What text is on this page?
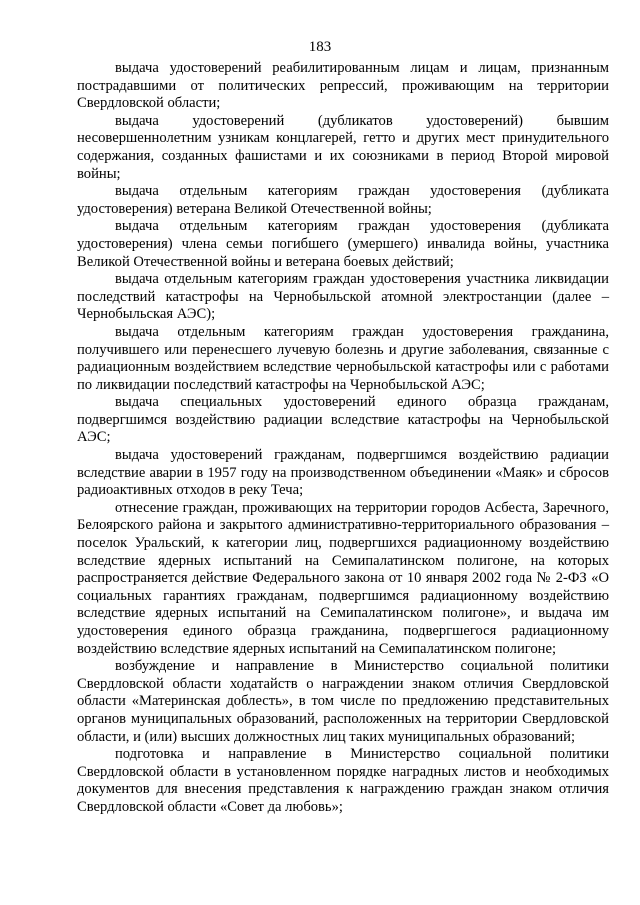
183

выдача удостоверений реабилитированным лицам и лицам, признанным пострадавшими от политических репрессий, проживающим на территории Свердловской области;

выдача удостоверений (дубликатов удостоверений) бывшим несовершеннолетним узникам концлагерей, гетто и других мест принудительного содержания, созданных фашистами и их союзниками в период Второй мировой войны;

выдача отдельным категориям граждан удостоверения (дубликата удостоверения) ветерана Великой Отечественной войны;

выдача отдельным категориям граждан удостоверения (дубликата удостоверения) члена семьи погибшего (умершего) инвалида войны, участника Великой Отечественной войны и ветерана боевых действий;

выдача отдельным категориям граждан удостоверения участника ликвидации последствий катастрофы на Чернобыльской атомной электростанции (далее – Чернобыльская АЭС);

выдача отдельным категориям граждан удостоверения гражданина, получившего или перенесшего лучевую болезнь и другие заболевания, связанные с радиационным воздействием вследствие чернобыльской катастрофы или с работами по ликвидации последствий катастрофы на Чернобыльской АЭС;

выдача специальных удостоверений единого образца гражданам, подвергшимся воздействию радиации вследствие катастрофы на Чернобыльской АЭС;

выдача удостоверений гражданам, подвергшимся воздействию радиации вследствие аварии в 1957 году на производственном объединении «Маяк» и сбросов радиоактивных отходов в реку Теча;

отнесение граждан, проживающих на территории городов Асбеста, Заречного, Белоярского района и закрытого административно-территориального образования – поселок Уральский, к категории лиц, подвергшихся радиационному воздействию вследствие ядерных испытаний на Семипалатинском полигоне, на которых распространяется действие Федерального закона от 10 января 2002 года № 2-ФЗ «О социальных гарантиях гражданам, подвергшимся радиационному воздействию вследствие ядерных испытаний на Семипалатинском полигоне», и выдача им удостоверения единого образца гражданина, подвергшегося радиационному воздействию вследствие ядерных испытаний на Семипалатинском полигоне;

возбуждение и направление в Министерство социальной политики Свердловской области ходатайств о награждении знаком отличия Свердловской области «Материнская доблесть», в том числе по предложению представительных органов муниципальных образований, расположенных на территории Свердловской области, и (или) высших должностных лиц таких муниципальных образований;

подготовка и направление в Министерство социальной политики Свердловской области в установленном порядке наградных листов и необходимых документов для внесения представления к награждению граждан знаком отличия Свердловской области «Совет да любовь»;
